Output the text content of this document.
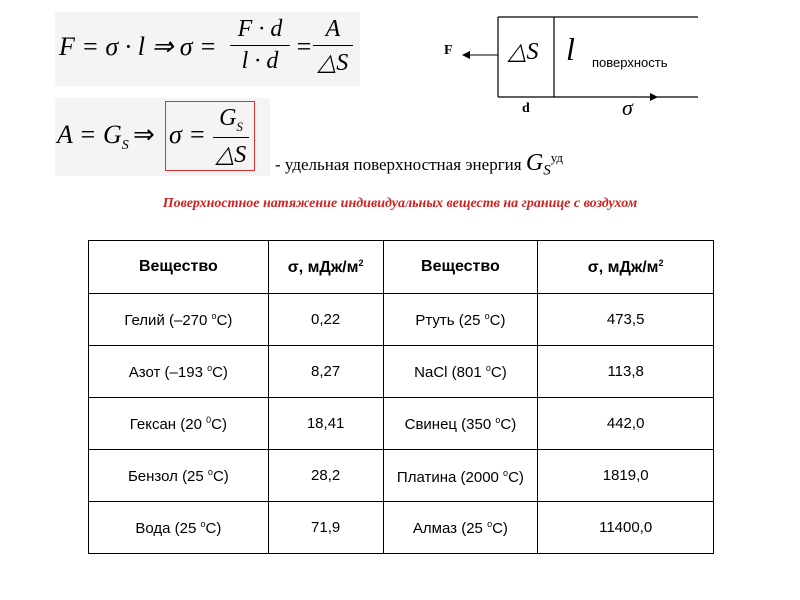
F = σ · l ⇒ σ =
F · d
l · d =
A
△S
$A = G_S$ ⇒ σ =
$G_S$
△S
F △S l поверхность
d	σ
- удельная поверхностная энергия $G_S^{уд}$
Поверхностное натяжение индивидуальных веществ на границе с воздухом
Вещество	σ, мДж/$м^2$	Вещество	σ, мДж/$м^2$
Гелий (–270 $^о$С)	0,22	Ртуть (25 $^о$С)	473,5
Азот (–193 $^о$С)	8,27	NaCl (801 $^о$С)	113,8
Гексан (20 $^0$С)	18,41	Свинец (350 $^о$С)	442,0
Бензол (25 $^о$С)	28,2	Платина (2000 $^о$С)	1819,0
Вода (25 $^о$С)	71,9	Алмаз (25 $^о$С)	11400,0
